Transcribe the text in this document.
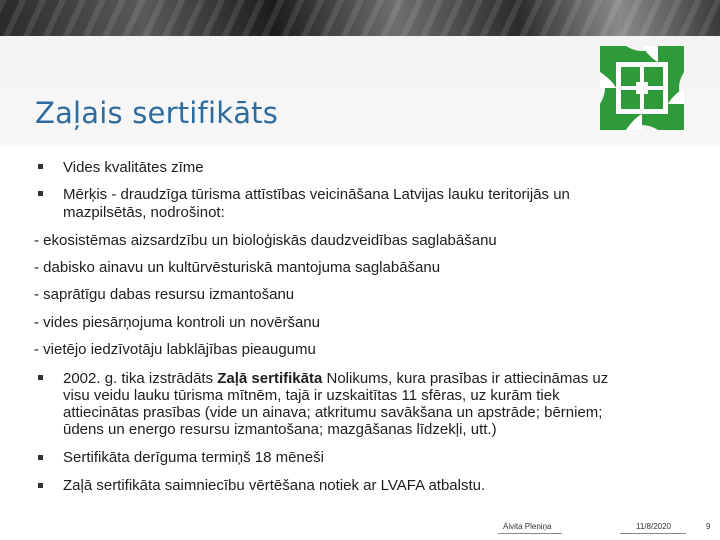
Zaļais sertifikāts
Vides kvalitātes zīme
Mērķis - draudzīga tūrisma attīstības veicināšana Latvijas lauku teritorijās un
mazpilsētās, nodrošinot:
- ekosistēmas aizsardzību un bioloģiskās daudzveidības saglabāšanu
- dabisko ainavu un kultūrvēsturiskā mantojuma saglabāšanu
- saprātīgu dabas resursu izmantošanu
- vides piesārņojuma kontroli un novēršanu
- vietējo iedzīvotāju labklājības pieaugumu
2002. g. tika izstrādāts Zaļā sertifikāta Nolikums, kura prasības ir attiecināmas uz
visu veidu lauku tūrisma mītnēm, tajā ir uzskaitītas 11 sfēras, uz kurām tiek
attiecinātas prasības (vide un ainava; atkritumu savākšana un apstrāde; bērniem;
ūdens un energo resursu izmantošana; mazgāšanas līdzekļi, utt.)
Sertifikāta derīguma termiņš 18 mēneši
Zaļā sertifikāta saimniecību vērtēšana notiek ar LVAFA atbalstu.
Aivita Pleniņa	11/8/2020	9
